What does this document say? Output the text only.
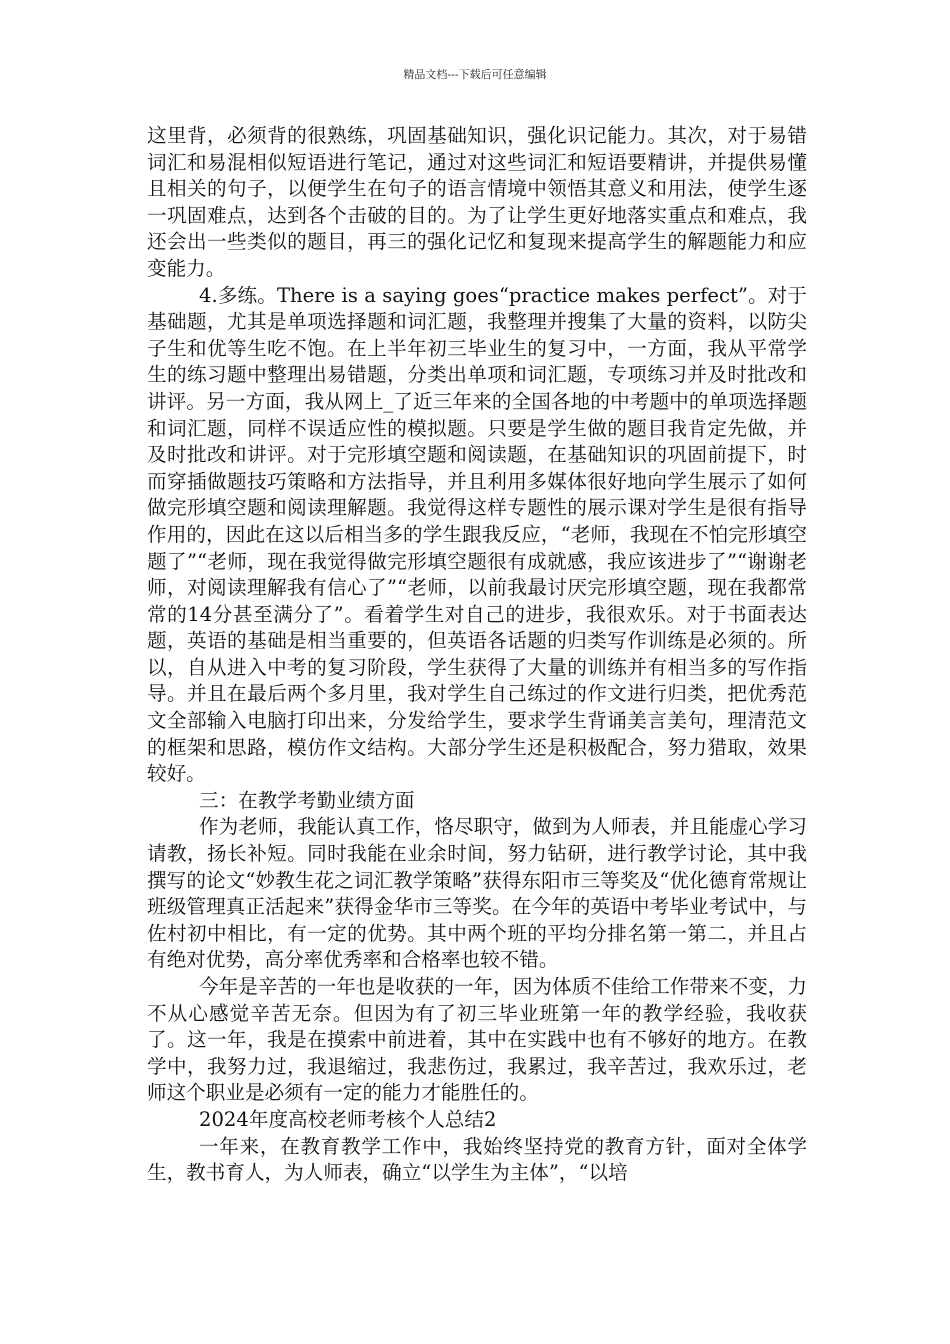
精品文档---下载后可任意编辑

这里背，必须背的很熟练，巩固基础知识，强化识记能力。其次，对于易错词汇和易混相似短语进行笔记，通过对这些词汇和短语要精讲，并提供易懂且相关的句子，以便学生在句子的语言情境中领悟其意义和用法，使学生逐一巩固难点，达到各个击破的目的。为了让学生更好地落实重点和难点，我还会出一些类似的题目，再三的强化记忆和复现来提高学生的解题能力和应变能力。

4.多练。There is a saying goes“practice makes perfect”。对于基础题，尤其是单项选择题和词汇题，我整理并搜集了大量的资料，以防尖子生和优等生吃不饱。在上半年初三毕业生的复习中，一方面，我从平常学生的练习题中整理出易错题，分类出单项和词汇题，专项练习并及时批改和讲评。另一方面，我从网上_了近三年来的全国各地的中考题中的单项选择题和词汇题，同样不误适应性的模拟题。只要是学生做的题目我肯定先做，并及时批改和讲评。对于完形填空题和阅读题，在基础知识的巩固前提下，时而穿插做题技巧策略和方法指导，并且利用多媒体很好地向学生展示了如何做完形填空题和阅读理解题。我觉得这样专题性的展示课对学生是很有指导作用的，因此在这以后相当多的学生跟我反应，“老师，我现在不怕完形填空题了”“老师，现在我觉得做完形填空题很有成就感，我应该进步了”“谢谢老师，对阅读理解我有信心了”“老师，以前我最讨厌完形填空题，现在我都常常的14分甚至满分了”。看着学生对自己的进步，我很欢乐。对于书面表达题，英语的基础是相当重要的，但英语各话题的归类写作训练是必须的。所以，自从进入中考的复习阶段，学生获得了大量的训练并有相当多的写作指导。并且在最后两个多月里，我对学生自己练过的作文进行归类，把优秀范文全部输入电脑打印出来，分发给学生，要求学生背诵美言美句，理清范文的框架和思路，模仿作文结构。大部分学生还是积极配合，努力猎取，效果较好。

三：在教学考勤业绩方面

作为老师，我能认真工作，恪尽职守，做到为人师表，并且能虚心学习请教，扬长补短。同时我能在业余时间，努力钻研，进行教学讨论，其中我撰写的论文“妙教生花之词汇教学策略”获得东阳市三等奖及“优化德育常规让班级管理真正活起来”获得金华市三等奖。在今年的英语中考毕业考试中，与佐村初中相比，有一定的优势。其中两个班的平均分排名第一第二，并且占有绝对优势，高分率优秀率和合格率也较不错。

今年是辛苦的一年也是收获的一年，因为体质不佳给工作带来不变，力不从心感觉辛苦无奈。但因为有了初三毕业班第一年的教学经验，我收获了。这一年，我是在摸索中前进着，其中在实践中也有不够好的地方。在教学中，我努力过，我退缩过，我悲伤过，我累过，我辛苦过，我欢乐过，老师这个职业是必须有一定的能力才能胜任的。

2024年度高校老师考核个人总结2

一年来，在教育教学工作中，我始终坚持党的教育方针，面对全体学生，教书育人，为人师表，确立“以学生为主体”，“以培
